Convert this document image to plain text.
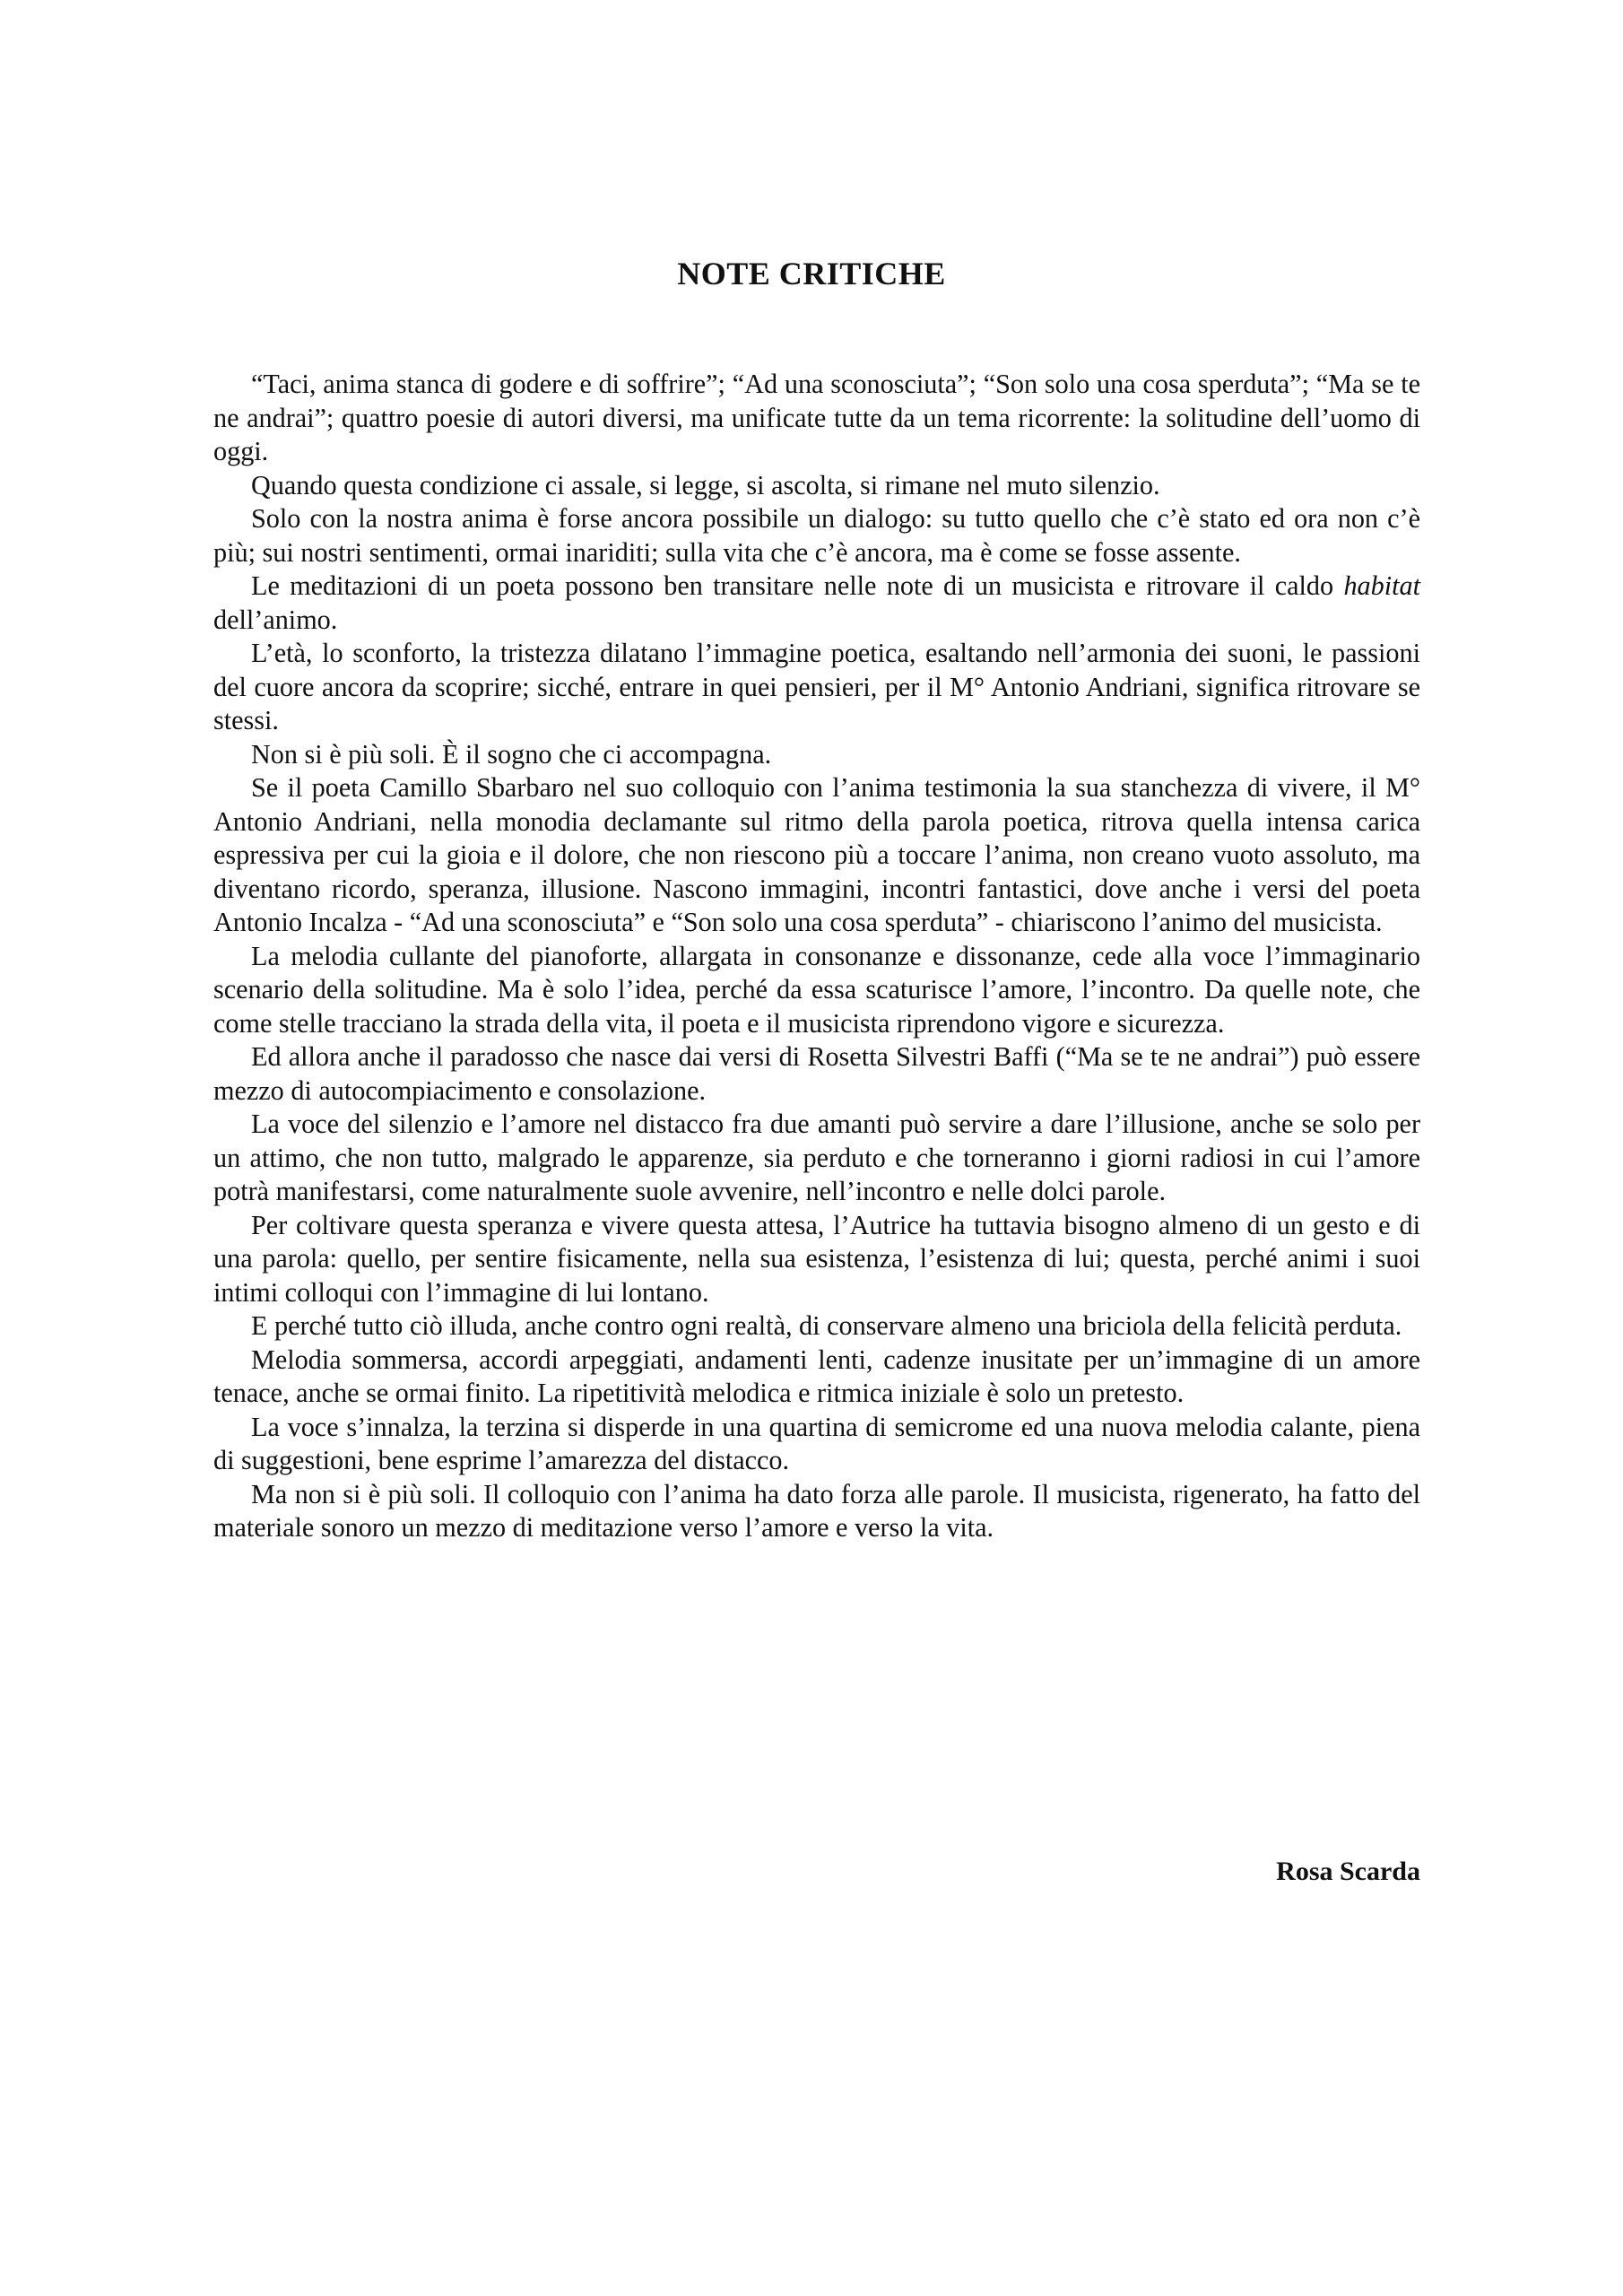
NOTE CRITICHE

“Taci, anima stanca di godere e di soffrire”; “Ad una sconosciuta”; “Son solo una cosa sperduta”; “Ma se te ne andrai”; quattro poesie di autori diversi, ma unificate tutte da un tema ricorrente: la solitudine dell’uomo di oggi.

Quando questa condizione ci assale, si legge, si ascolta, si rimane nel muto silenzio.

Solo con la nostra anima è forse ancora possibile un dialogo: su tutto quello che c’è stato ed ora non c’è più; sui nostri sentimenti, ormai inariditi; sulla vita che c’è ancora, ma è come se fosse assente.

Le meditazioni di un poeta possono ben transitare nelle note di un musicista e ritrovare il caldo habitat dell’animo.

L’età, lo sconforto, la tristezza dilatano l’immagine poetica, esaltando nell’armonia dei suoni, le passioni del cuore ancora da scoprire; sicché, entrare in quei pensieri, per il M° Antonio Andriani, significa ritrovare se stessi.

Non si è più soli. È il sogno che ci accompagna.

Se il poeta Camillo Sbarbaro nel suo colloquio con l’anima testimonia la sua stanchezza di vivere, il M° Antonio Andriani, nella monodia declamante sul ritmo della parola poetica, ritrova quella intensa carica espressiva per cui la gioia e il dolore, che non riescono più a toccare l’anima, non creano vuoto assoluto, ma diventano ricordo, speranza, illusione. Nascono immagini, incontri fantastici, dove anche i versi del poeta Antonio Incalza - “Ad una sconosciuta” e “Son solo una cosa sperduta” - chiariscono l’animo del musicista.

La melodia cullante del pianoforte, allargata in consonanze e dissonanze, cede alla voce l’immaginario scenario della solitudine. Ma è solo l’idea, perché da essa scaturisce l’amore, l’incontro. Da quelle note, che come stelle tracciano la strada della vita, il poeta e il musicista riprendono vigore e sicurezza.

Ed allora anche il paradosso che nasce dai versi di Rosetta Silvestri Baffi (“Ma se te ne andrai”) può essere mezzo di autocompiacimento e consolazione.

La voce del silenzio e l’amore nel distacco fra due amanti può servire a dare l’illusione, anche se solo per un attimo, che non tutto, malgrado le apparenze, sia perduto e che torneranno i giorni radiosi in cui l’amore potrà manifestarsi, come naturalmente suole avvenire, nell’incontro e nelle dolci parole.

Per coltivare questa speranza e vivere questa attesa, l’Autrice ha tuttavia bisogno almeno di un gesto e di una parola: quello, per sentire fisicamente, nella sua esistenza, l’esistenza di lui; questa, perché animi i suoi intimi colloqui con l’immagine di lui lontano.

E perché tutto ciò illuda, anche contro ogni realtà, di conservare almeno una briciola della felicità perduta.

Melodia sommersa, accordi arpeggiati, andamenti lenti, cadenze inusitate per un’immagine di un amore tenace, anche se ormai finito. La ripetitività melodica e ritmica iniziale è solo un pretesto.

La voce s’innalza, la terzina si disperde in una quartina di semicrome ed una nuova melodia calante, piena di suggestioni, bene esprime l’amarezza del distacco.

Ma non si è più soli. Il colloquio con l’anima ha dato forza alle parole. Il musicista, rigenerato, ha fatto del materiale sonoro un mezzo di meditazione verso l’amore e verso la vita.

Rosa Scarda
